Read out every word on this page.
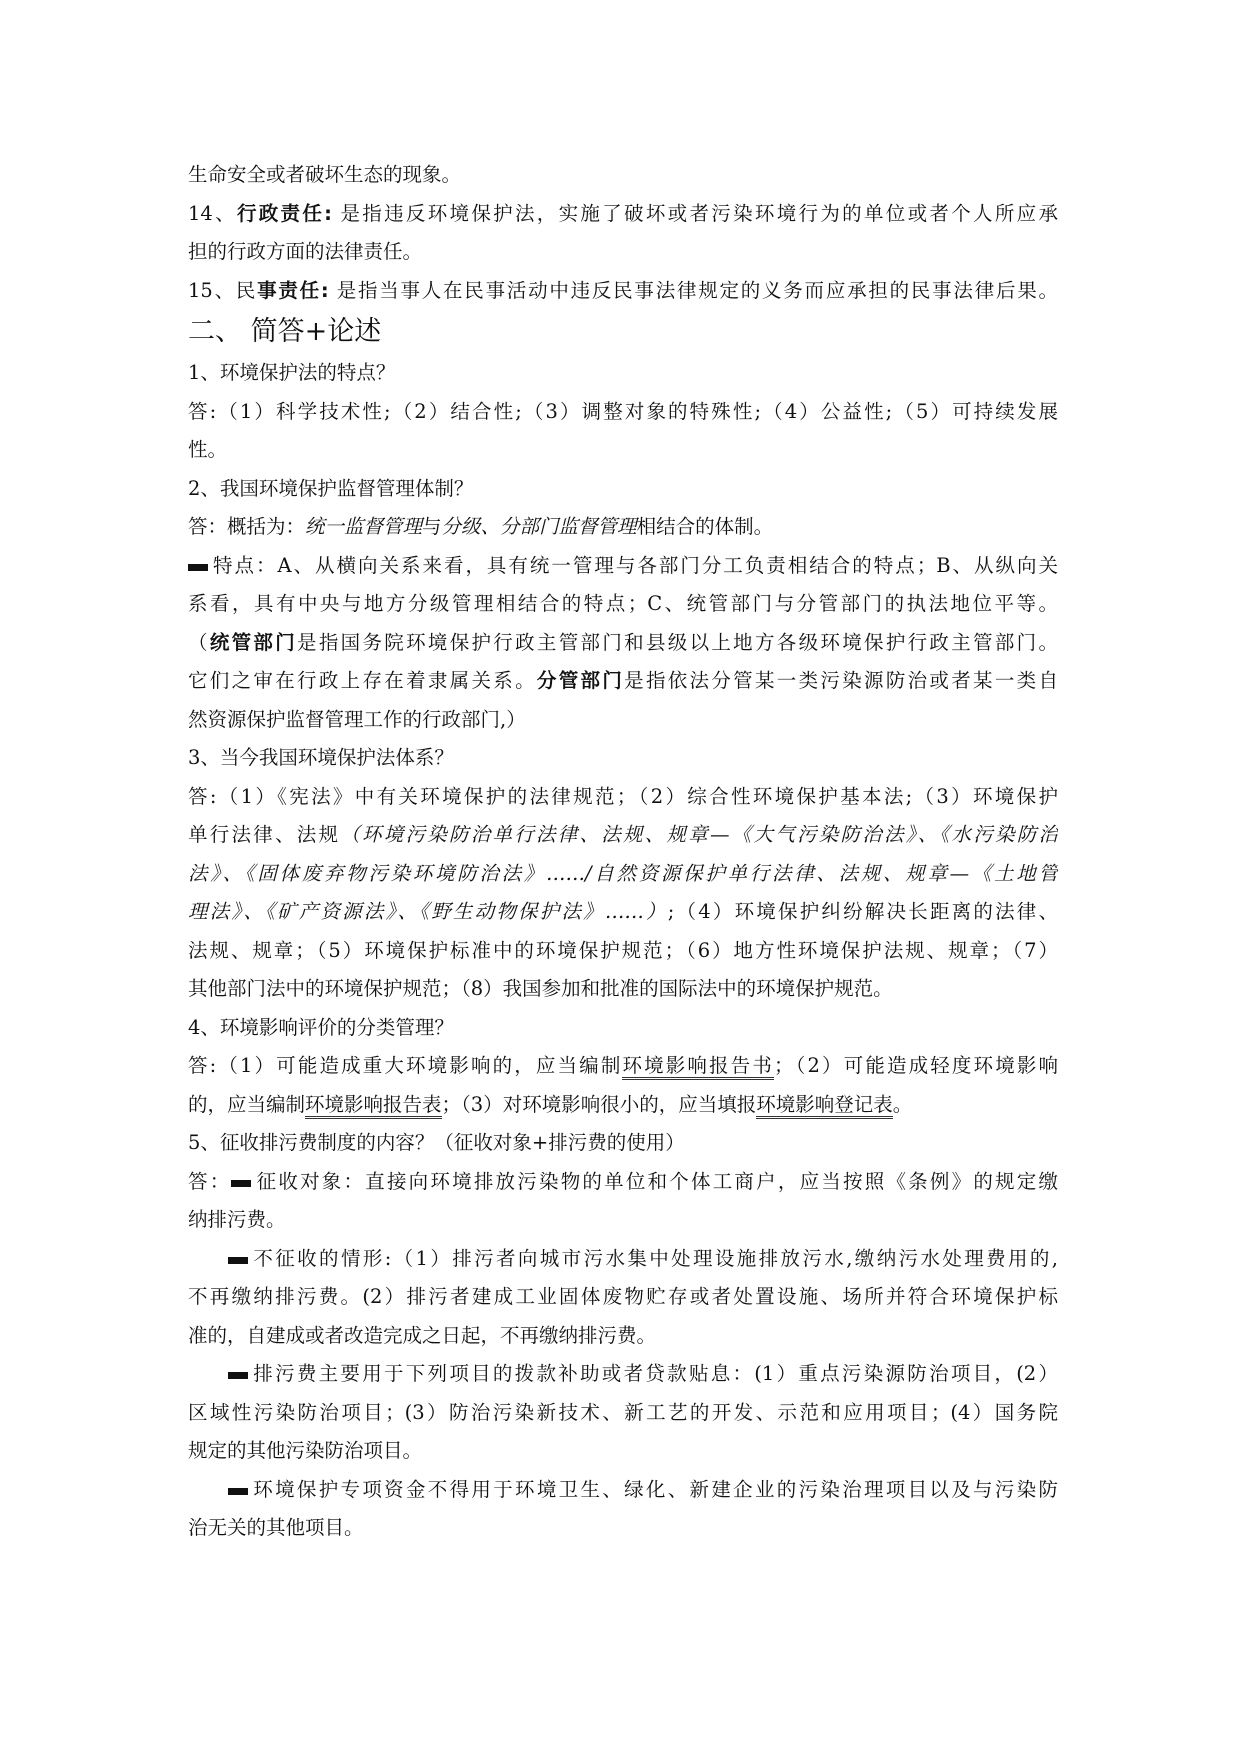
生命安全或者破坏生态的现象。
14、行政责任: 是指违反环境保护法，实施了破坏或者污染环境行为的单位或者个人所应承
担的行政方面的法律责任。
15、民事责任: 是指当事人在民事活动中违反民事法律规定的义务而应承担的民事法律后果。
二、 简答+论述
1、环境保护法的特点？
答:（1）科学技术性;（2）结合性;（3）调整对象的特殊性;（4）公益性;（5）可持续发展
性。
2、我国环境保护监督管理体制？
答：概括为：统一监督管理与分级、分部门监督管理相结合的体制。
特点：A、从横向关系来看，具有统一管理与各部门分工负责相结合的特点；B、从纵向关
系看，具有中央与地方分级管理相结合的特点；C、统管部门与分管部门的执法地位平等。
（统管部门是指国务院环境保护行政主管部门和县级以上地方各级环境保护行政主管部门。
它们之审在行政上存在着隶属关系。分管部门是指依法分管某一类污染源防治或者某一类自
然资源保护监督管理工作的行政部门,）
3、当今我国环境保护法体系？
答:（1）《宪法》中有关环境保护的法律规范；（2）综合性环境保护基本法;（3）环境保护
单行法律、法规（环境污染防治单行法律、法规、规章—《大气污染防治法》、《水污染防治
法》、《固体废弃物污染环境防治法》……/自然资源保护单行法律、法规、规章—《土地管
理法》、《矿产资源法》、《野生动物保护法》……）;（4）环境保护纠纷解决长距离的法律、
法规、规章；（5）环境保护标准中的环境保护规范；（6）地方性环境保护法规、规章；（7）
其他部门法中的环境保护规范；（8）我国参加和批准的国际法中的环境保护规范。
4、环境影响评价的分类管理？
答:（1）可能造成重大环境影响的，应当编制环境影响报告书；（2）可能造成轻度环境影响
的，应当编制环境影响报告表；（3）对环境影响很小的，应当填报环境影响登记表。
5、征收排污费制度的内容？（征收对象+排污费的使用）
答： 征收对象：直接向环境排放污染物的单位和个体工商户，应当按照《条例》的规定缴
纳排污费。
不征收的情形:（1）排污者向城市污水集中处理设施排放污水,缴纳污水处理费用的,
不再缴纳排污费。(2）排污者建成工业固体废物贮存或者处置设施、场所并符合环境保护标
准的，自建成或者改造完成之日起，不再缴纳排污费。
排污费主要用于下列项目的拨款补助或者贷款贴息：(1）重点污染源防治项目，(2）
区域性污染防治项目；(3）防治污染新技术、新工艺的开发、示范和应用项目；(4）国务院
规定的其他污染防治项目。
环境保护专项资金不得用于环境卫生、绿化、新建企业的污染治理项目以及与污染防
治无关的其他项目。
